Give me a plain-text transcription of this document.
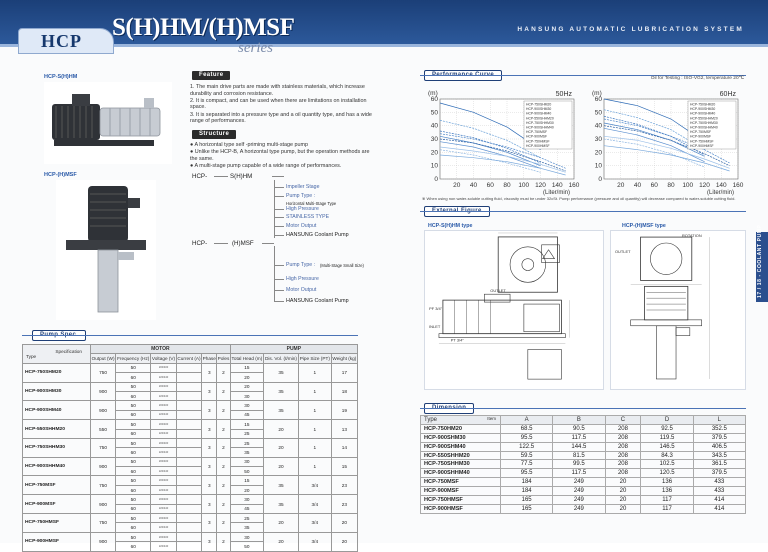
HCP S(H)HM/(H)MSF
series
HANSUNG AUTOMATIC LUBRICATION SYSTEM
17 / 18 - COOLANT PUMP
HCP-S(H)HM
HCP-(H)MSF
Feature

1. The main drive parts are made with stainless materials, which increase durability and corrosion resistance.

2. It is compact, and can be used when there are limitations on installation space.

3. It is separated into a pressure type and a oil quantity type, and has a wide range of performances.

Structure

● A horizontal type self -priming multi-stage pump

● Unlike the HCP-B, A horizontal type pump, but the operation methods are the same.

● A multi-stage pump capable of a wide range of performances.

HCP-	S(H)HM
Impeller Stage
Pump Type :
Horizontal Multi-Stage Type
High Pressure
STAINLESS TYPE
Motor Output
HANSUNG Coolant Pump
HCP-	(H)MSF
Pump Type : (Multi-Stage Small Size)
High Pressure
Motor Output
HANSUNG Coolant Pump
Specification
Type	MOTOR						PUMP			
	Output (W)	Frequency (Hz)	Voltage (V)	Current (A)	Phase	Poles	Total Head (m)	Dis. Vol. (ℓ/min)	Pipe Size (PT)	Weight (kg)
HCP-750SHM20	750	50	200/400		3	2	15	35	1	17
		60	220/440				20			
HCP-900SHM30	900	50	200/400		3	2	20	35	1	18
		60	220/440				30			
HCP-900SHM40	900	50	200/400		3	2	30	35	1	19
		60	220/440				45			
HCP-550SHHM20	550	50	200/400		3	2	15	20	1	13
		60	220/440				25			
HCP-750SHHM30	750	50	200/400		3	2	25	20	1	14
		60	220/440				35			
HCP-900SHHM40	900	50	200/400		3	2	30	20	1	15
		60	220/440				50			
HCP-750MSF	750	50	200/400		3	2	15	35	3/4	23
		60	220/440				20			
HCP-900MSF	900	50	200/400		3	2	30	35	3/4	23
		60	220/440				45			
HCP-750HMSF	750	50	200/400		3	2	25	20	3/4	20
		60	220/440				35			
HCP-900HMSF	900	50	200/400		3	2	30	20	3/4	20
		60	220/440				50			
Oil for Testing : ISO-VG2, temperature 20℃
0
10
20
30
40
50
60
20 40 60 80 100 120 140 160
(m)	50Hz
(Liter/min)
HCP-750SHM20
HCP-900SHM30
HCP-900SHM40
HCP-550SHHM20
HCP-750SHHM30
HCP-900SHHM40
HCP-750MSF
HCP-900MSF
HCP-750HMSF
HCP-900HMSF
0
10
20
30
40
50
60
20 40 60 80 100 120 140 160
(m)	60Hz
(Liter/min)
HCP-750SHM20
HCP-900SHM30
HCP-900SHM40
HCP-550SHHM20
HCP-750SHHM30
HCP-900SHHM40
HCP-750MSF
HCP-900MSF
HCP-750HMSF
HCP-900HMSF
※ When using non water-soluble cutting fluid, viscosity must be under 32cSt. Pump performance (pressure and oil quantity) will decrease compared to water-soluble cutting fluid.
HCP-S(H)HM type	HCP-(H)MSF type
OUTLET
PF 3/4"
INLET
PT 3/4"
ROTATION
OUTLET
Type Item	A	B	C	D	L
HCP-750HM20	68.5	90.5	208	92.5	352.5
HCP-900SHM30	95.5	117.5	208	119.5	379.5
HCP-900SHM40	122.5	144.5	208	146.5	406.5
HCP-550SHHM20	59.5	81.5	208	84.3	343.5
HCP-750SHHM30	77.5	99.5	208	102.5	361.5
HCP-900SHHM40	95.5	117.5	208	120.5	379.5
HCP-750MSF	184	249	20	136	433
HCP-900MSF	184	249	20	136	433
HCP-750HMSF	165	249	20	117	414
HCP-900HMSF	165	249	20	117	414
